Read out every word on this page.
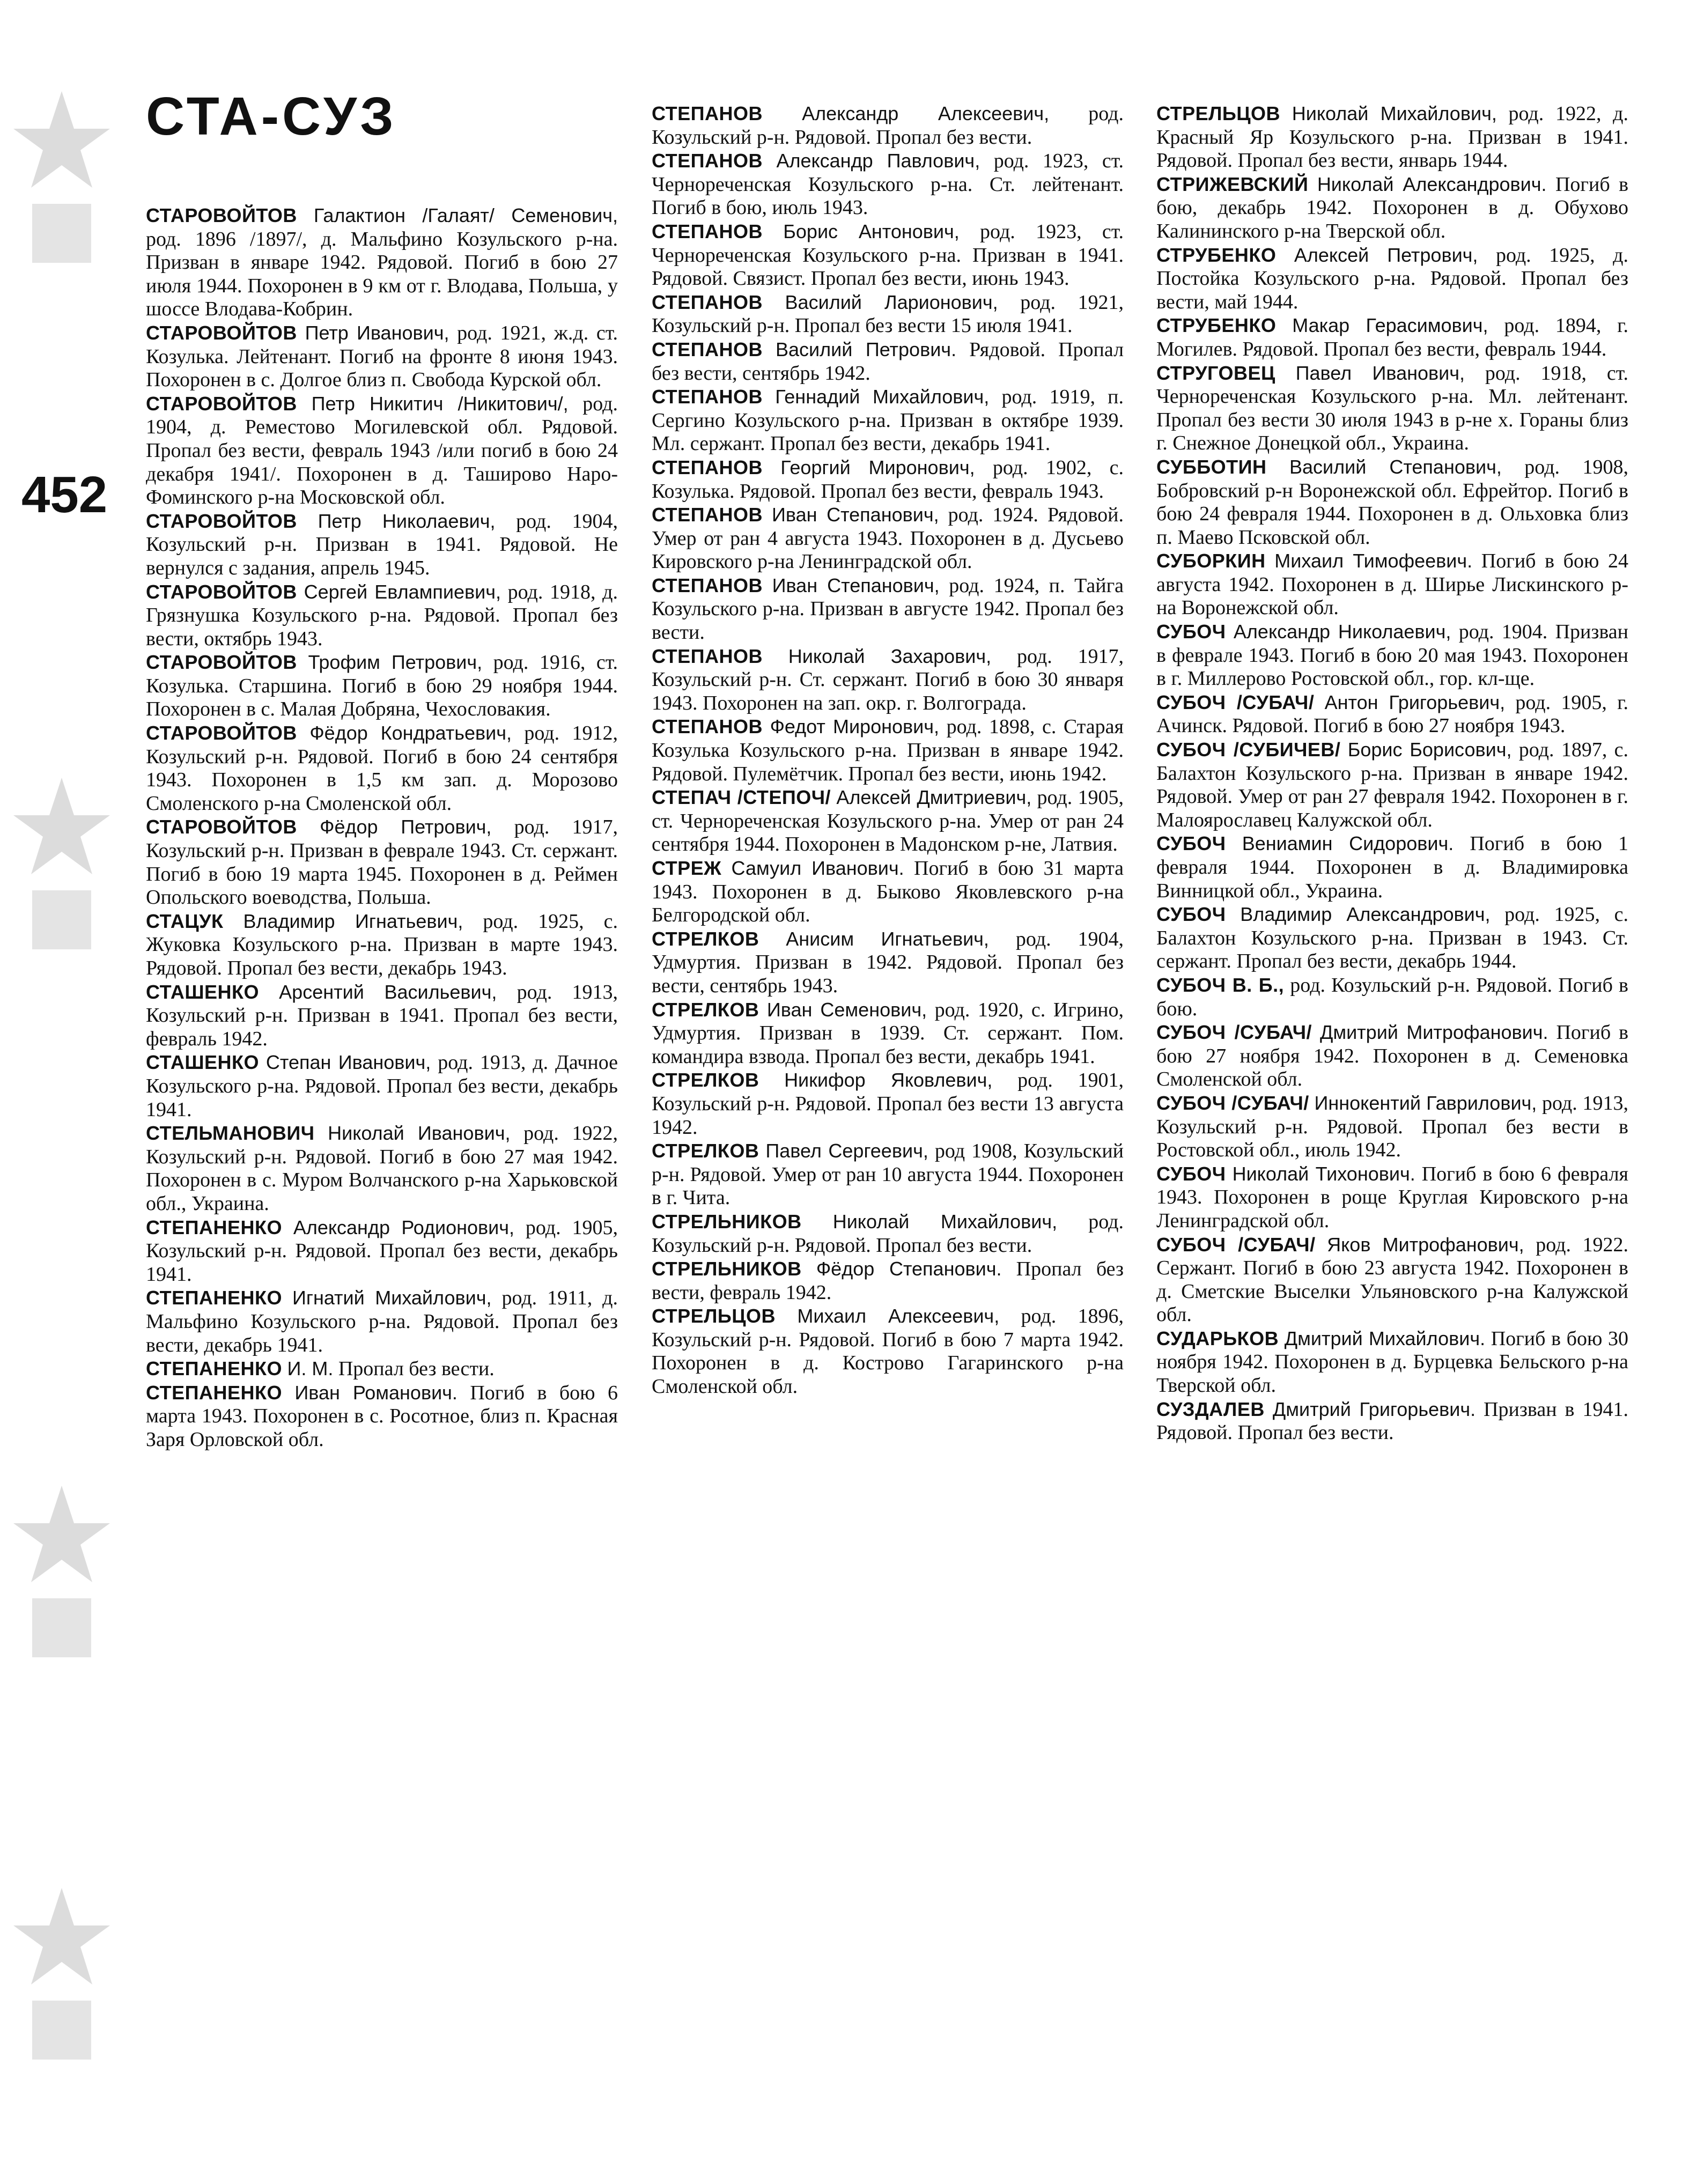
СТА-СУЗ
452

СТАРОВОЙТОВ Галактион /Галаят/ Семенович, род. 1896 /1897/, д. Мальфино Козульского р-на. Призван в январе 1942. Рядовой. Погиб в бою 27 июля 1944. Похоронен в 9 км от г. Влодава, Польша, у шоссе Влодава-Кобрин.

СТАРОВОЙТОВ Петр Иванович, род. 1921, ж.д. ст. Козулька. Лейтенант. Погиб на фронте 8 июня 1943. Похоронен в с. Долгое близ п. Свобода Курской обл.

СТАРОВОЙТОВ Петр Никитич /Никитович/, род. 1904, д. Реместово Могилевской обл. Рядовой. Пропал без вести, февраль 1943 /или погиб в бою 24 декабря 1941/. Похоронен в д. Таширово Наро-Фоминского р-на Московской обл.

СТАРОВОЙТОВ Петр Николаевич, род. 1904, Козульский р-н. Призван в 1941. Рядовой. Не вернулся с задания, апрель 1945.

СТАРОВОЙТОВ Сергей Евлампиевич, род. 1918, д. Грязнушка Козульского р-на. Рядовой. Пропал без вести, октябрь 1943.

СТАРОВОЙТОВ Трофим Петрович, род. 1916, ст. Козулька. Старшина. Погиб в бою 29 ноября 1944. Похоронен в с. Малая Добряна, Чехословакия.

СТАРОВОЙТОВ Фёдор Кондратьевич, род. 1912, Козульский р-н. Рядовой. Погиб в бою 24 сентября 1943. Похоронен в 1,5 км зап. д. Морозово Смоленского р-на Смоленской обл.

СТАРОВОЙТОВ Фёдор Петрович, род. 1917, Козульский р-н. Призван в феврале 1943. Ст. сержант. Погиб в бою 19 марта 1945. Похоронен в д. Реймен Опольского воеводства, Польша.

СТАЦУК Владимир Игнатьевич, род. 1925, с. Жуковка Козульского р-на. Призван в марте 1943. Рядовой. Пропал без вести, декабрь 1943.

СТАШЕНКО Арсентий Васильевич, род. 1913, Козульский р-н. Призван в 1941. Пропал без вести, февраль 1942.

СТАШЕНКО Степан Иванович, род. 1913, д. Дачное Козульского р-на. Рядовой. Пропал без вести, декабрь 1941.

СТЕЛЬМАНОВИЧ Николай Иванович, род. 1922, Козульский р-н. Рядовой. Погиб в бою 27 мая 1942. Похоронен в с. Муром Волчанского р-на Харьковской обл., Украина.

СТЕПАНЕНКО Александр Родионович, род. 1905, Козульский р-н. Рядовой. Пропал без вести, декабрь 1941.

СТЕПАНЕНКО Игнатий Михайлович, род. 1911, д. Мальфино Козульского р-на. Рядовой. Пропал без вести, декабрь 1941.

СТЕПАНЕНКО И. М. Пропал без вести.

СТЕПАНЕНКО Иван Романович. Погиб в бою 6 марта 1943. Похоронен в с. Росотное, близ п. Красная Заря Орловской обл.

СТЕПАНОВ Александр Алексеевич, род. Козульский р-н. Рядовой. Пропал без вести.

СТЕПАНОВ Александр Павлович, род. 1923, ст. Чернореченская Козульского р-на. Ст. лейтенант. Погиб в бою, июль 1943.

СТЕПАНОВ Борис Антонович, род. 1923, ст. Чернореченская Козульского р-на. Призван в 1941. Рядовой. Связист. Пропал без вести, июнь 1943.

СТЕПАНОВ Василий Ларионович, род. 1921, Козульский р-н. Пропал без вести 15 июля 1941.

СТЕПАНОВ Василий Петрович. Рядовой. Пропал без вести, сентябрь 1942.

СТЕПАНОВ Геннадий Михайлович, род. 1919, п. Сергино Козульского р-на. Призван в октябре 1939. Мл. сержант. Пропал без вести, декабрь 1941.

СТЕПАНОВ Георгий Миронович, род. 1902, с. Козулька. Рядовой. Пропал без вести, февраль 1943.

СТЕПАНОВ Иван Степанович, род. 1924. Рядовой. Умер от ран 4 августа 1943. Похоронен в д. Дусьево Кировского р-на Ленинградской обл.

СТЕПАНОВ Иван Степанович, род. 1924, п. Тайга Козульского р-на. Призван в августе 1942. Пропал без вести.

СТЕПАНОВ Николай Захарович, род. 1917, Козульский р-н. Ст. сержант. Погиб в бою 30 января 1943. Похоронен на зап. окр. г. Волгограда.

СТЕПАНОВ Федот Миронович, род. 1898, с. Старая Козулька Козульского р-на. Призван в январе 1942. Рядовой. Пулемётчик. Пропал без вести, июнь 1942.

СТЕПАЧ /СТЕПОЧ/ Алексей Дмитриевич, род. 1905, ст. Чернореченская Козульского р-на. Умер от ран 24 сентября 1944. Похоронен в Мадонском р-не, Латвия.

СТРЕЖ Самуил Иванович. Погиб в бою 31 марта 1943. Похоронен в д. Быково Яковлевского р-на Белгородской обл.

СТРЕЛКОВ Анисим Игнатьевич, род. 1904, Удмуртия. Призван в 1942. Рядовой. Пропал без вести, сентябрь 1943.

СТРЕЛКОВ Иван Семенович, род. 1920, с. Игрино, Удмуртия. Призван в 1939. Ст. сержант. Пом. командира взвода. Пропал без вести, декабрь 1941.

СТРЕЛКОВ Никифор Яковлевич, род. 1901, Козульский р-н. Рядовой. Пропал без вести 13 августа 1942.

СТРЕЛКОВ Павел Сергеевич, род 1908, Козульский р-н. Рядовой. Умер от ран 10 августа 1944. Похоронен в г. Чита.

СТРЕЛЬНИКОВ Николай Михайлович, род. Козульский р-н. Рядовой. Пропал без вести.

СТРЕЛЬНИКОВ Фёдор Степанович. Пропал без вести, февраль 1942.

СТРЕЛЬЦОВ Михаил Алексеевич, род. 1896, Козульский р-н. Рядовой. Погиб в бою 7 марта 1942. Похоронен в д. Кострово Гагаринского р-на Смоленской обл.

СТРЕЛЬЦОВ Николай Михайлович, род. 1922, д. Красный Яр Козульского р-на. Призван в 1941. Рядовой. Пропал без вести, январь 1944.

СТРИЖЕВСКИЙ Николай Александрович. Погиб в бою, декабрь 1942. Похоронен в д. Обухово Калининского р-на Тверской обл.

СТРУБЕНКО Алексей Петрович, род. 1925, д. Постойка Козульского р-на. Рядовой. Пропал без вести, май 1944.

СТРУБЕНКО Макар Герасимович, род. 1894, г. Могилев. Рядовой. Пропал без вести, февраль 1944.

СТРУГОВЕЦ Павел Иванович, род. 1918, ст. Чернореченская Козульского р-на. Мл. лейтенант. Пропал без вести 30 июля 1943 в р-не х. Гораны близ г. Снежное Донецкой обл., Украина.

СУББОТИН Василий Степанович, род. 1908, Бобровский р-н Воронежской обл. Ефрейтор. Погиб в бою 24 февраля 1944. Похоронен в д. Ольховка близ п. Маево Псковской обл.

СУБОРКИН Михаил Тимофеевич. Погиб в бою 24 августа 1942. Похоронен в д. Ширье Лискинского р-на Воронежской обл.

СУБОЧ Александр Николаевич, род. 1904. Призван в феврале 1943. Погиб в бою 20 мая 1943. Похоронен в г. Миллерово Ростовской обл., гор. кл-ще.

СУБОЧ /СУБАЧ/ Антон Григорьевич, род. 1905, г. Ачинск. Рядовой. Погиб в бою 27 ноября 1943.

СУБОЧ /СУБИЧЕВ/ Борис Борисович, род. 1897, с. Балахтон Козульского р-на. Призван в январе 1942. Рядовой. Умер от ран 27 февраля 1942. Похоронен в г. Малоярославец Калужской обл.

СУБОЧ Вениамин Сидорович. Погиб в бою 1 февраля 1944. Похоронен в д. Владимировка Винницкой обл., Украина.

СУБОЧ Владимир Александрович, род. 1925, с. Балахтон Козульского р-на. Призван в 1943. Ст. сержант. Пропал без вести, декабрь 1944.

СУБОЧ В. Б., род. Козульский р-н. Рядовой. Погиб в бою.

СУБОЧ /СУБАЧ/ Дмитрий Митрофанович. Погиб в бою 27 ноября 1942. Похоронен в д. Семеновка Смоленской обл.

СУБОЧ /СУБАЧ/ Иннокентий Гаврилович, род. 1913, Козульский р-н. Рядовой. Пропал без вести в Ростовской обл., июль 1942.

СУБОЧ Николай Тихонович. Погиб в бою 6 февраля 1943. Похоронен в роще Круглая Кировского р-на Ленинградской обл.

СУБОЧ /СУБАЧ/ Яков Митрофанович, род. 1922. Сержант. Погиб в бою 23 августа 1942. Похоронен в д. Сметские Выселки Ульяновского р-на Калужской обл.

СУДАРЬКОВ Дмитрий Михайлович. Погиб в бою 30 ноября 1942. Похоронен в д. Бурцевка Бельского р-на Тверской обл.

СУЗДАЛЕВ Дмитрий Григорьевич. Призван в 1941. Рядовой. Пропал без вести.
